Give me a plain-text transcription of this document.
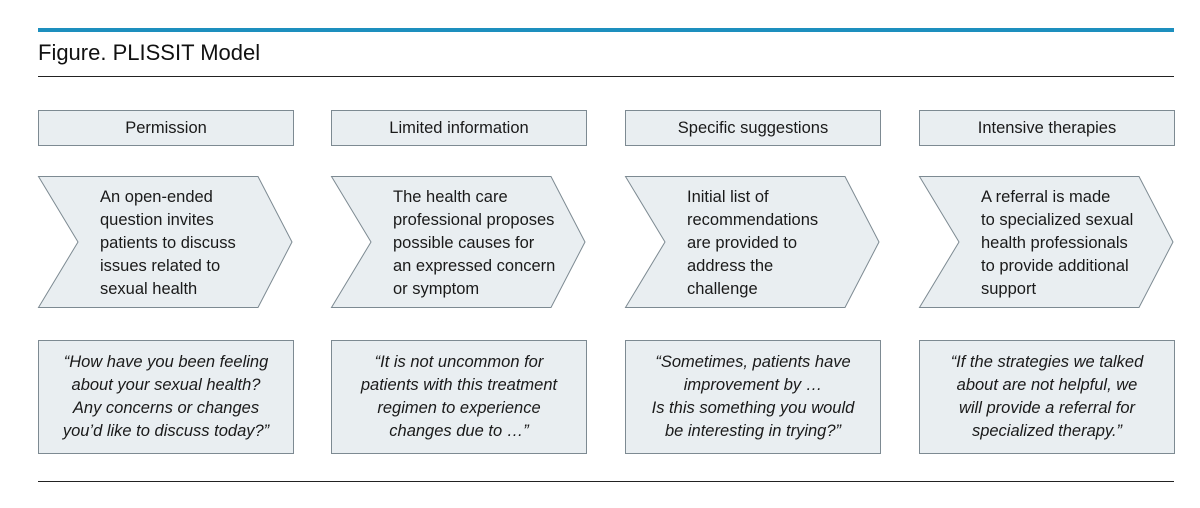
Figure. PLISSIT Model
Permission
An open-ended
question invites
patients to discuss
issues related to
sexual health
“How have you been feeling
about your sexual health?
Any concerns or changes
you’d like to discuss today?”
Limited information
The health care
professional proposes
possible causes for
an expressed concern
or symptom
“It is not uncommon for
patients with this treatment
regimen to experience
changes due to …”
Specific suggestions
Initial list of
recommendations
are provided to
address the
challenge
“Sometimes, patients have
improvement by …
Is this something you would
be interesting in trying?”
Intensive therapies
A referral is made
to specialized sexual
health professionals
to provide additional
support
“If the strategies we talked
about are not helpful, we
will provide a referral for
specialized therapy.”
